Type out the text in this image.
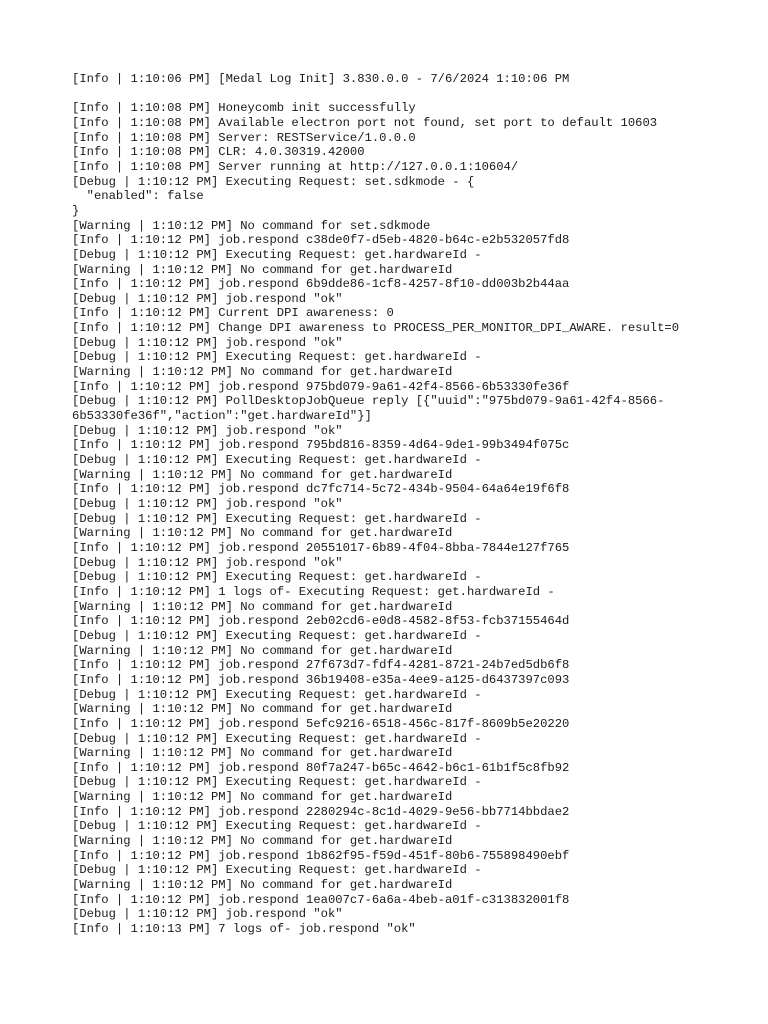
[Info | 1:10:06 PM] [Medal Log Init] 3.830.0.0 - 7/6/2024 1:10:06 PM
[Info | 1:10:08 PM] Honeycomb init successfully
[Info | 1:10:08 PM] Available electron port not found, set port to default 10603
[Info | 1:10:08 PM] Server: RESTService/1.0.0.0
[Info | 1:10:08 PM] CLR: 4.0.30319.42000
[Info | 1:10:08 PM] Server running at http://127.0.0.1:10604/
[Debug | 1:10:12 PM] Executing Request: set.sdkmode - {
"enabled": false
}
[Warning | 1:10:12 PM] No command for set.sdkmode
[Info | 1:10:12 PM] job.respond c38de0f7-d5eb-4820-b64c-e2b532057fd8
[Debug | 1:10:12 PM] Executing Request: get.hardwareId -
[Warning | 1:10:12 PM] No command for get.hardwareId
[Info | 1:10:12 PM] job.respond 6b9dde86-1cf8-4257-8f10-dd003b2b44aa
[Debug | 1:10:12 PM] job.respond "ok"
[Info | 1:10:12 PM] Current DPI awareness: 0
[Info | 1:10:12 PM] Change DPI awareness to PROCESS_PER_MONITOR_DPI_AWARE. result=0
[Debug | 1:10:12 PM] job.respond "ok"
[Debug | 1:10:12 PM] Executing Request: get.hardwareId -
[Warning | 1:10:12 PM] No command for get.hardwareId
[Info | 1:10:12 PM] job.respond 975bd079-9a61-42f4-8566-6b53330fe36f
[Debug | 1:10:12 PM] PollDesktopJobQueue reply [{"uuid":"975bd079-9a61-42f4-8566-
6b53330fe36f","action":"get.hardwareId"}]
[Debug | 1:10:12 PM] job.respond "ok"
[Info | 1:10:12 PM] job.respond 795bd816-8359-4d64-9de1-99b3494f075c
[Debug | 1:10:12 PM] Executing Request: get.hardwareId -
[Warning | 1:10:12 PM] No command for get.hardwareId
[Info | 1:10:12 PM] job.respond dc7fc714-5c72-434b-9504-64a64e19f6f8
[Debug | 1:10:12 PM] job.respond "ok"
[Debug | 1:10:12 PM] Executing Request: get.hardwareId -
[Warning | 1:10:12 PM] No command for get.hardwareId
[Info | 1:10:12 PM] job.respond 20551017-6b89-4f04-8bba-7844e127f765
[Debug | 1:10:12 PM] job.respond "ok"
[Debug | 1:10:12 PM] Executing Request: get.hardwareId -
[Info | 1:10:12 PM] 1 logs of- Executing Request: get.hardwareId -
[Warning | 1:10:12 PM] No command for get.hardwareId
[Info | 1:10:12 PM] job.respond 2eb02cd6-e0d8-4582-8f53-fcb37155464d
[Debug | 1:10:12 PM] Executing Request: get.hardwareId -
[Warning | 1:10:12 PM] No command for get.hardwareId
[Info | 1:10:12 PM] job.respond 27f673d7-fdf4-4281-8721-24b7ed5db6f8
[Info | 1:10:12 PM] job.respond 36b19408-e35a-4ee9-a125-d6437397c093
[Debug | 1:10:12 PM] Executing Request: get.hardwareId -
[Warning | 1:10:12 PM] No command for get.hardwareId
[Info | 1:10:12 PM] job.respond 5efc9216-6518-456c-817f-8609b5e20220
[Debug | 1:10:12 PM] Executing Request: get.hardwareId -
[Warning | 1:10:12 PM] No command for get.hardwareId
[Info | 1:10:12 PM] job.respond 80f7a247-b65c-4642-b6c1-61b1f5c8fb92
[Debug | 1:10:12 PM] Executing Request: get.hardwareId -
[Warning | 1:10:12 PM] No command for get.hardwareId
[Info | 1:10:12 PM] job.respond 2280294c-8c1d-4029-9e56-bb7714bbdae2
[Debug | 1:10:12 PM] Executing Request: get.hardwareId -
[Warning | 1:10:12 PM] No command for get.hardwareId
[Info | 1:10:12 PM] job.respond 1b862f95-f59d-451f-80b6-755898490ebf
[Debug | 1:10:12 PM] Executing Request: get.hardwareId -
[Warning | 1:10:12 PM] No command for get.hardwareId
[Info | 1:10:12 PM] job.respond 1ea007c7-6a6a-4beb-a01f-c313832001f8
[Debug | 1:10:12 PM] job.respond "ok"
[Info | 1:10:13 PM] 7 logs of- job.respond "ok"
